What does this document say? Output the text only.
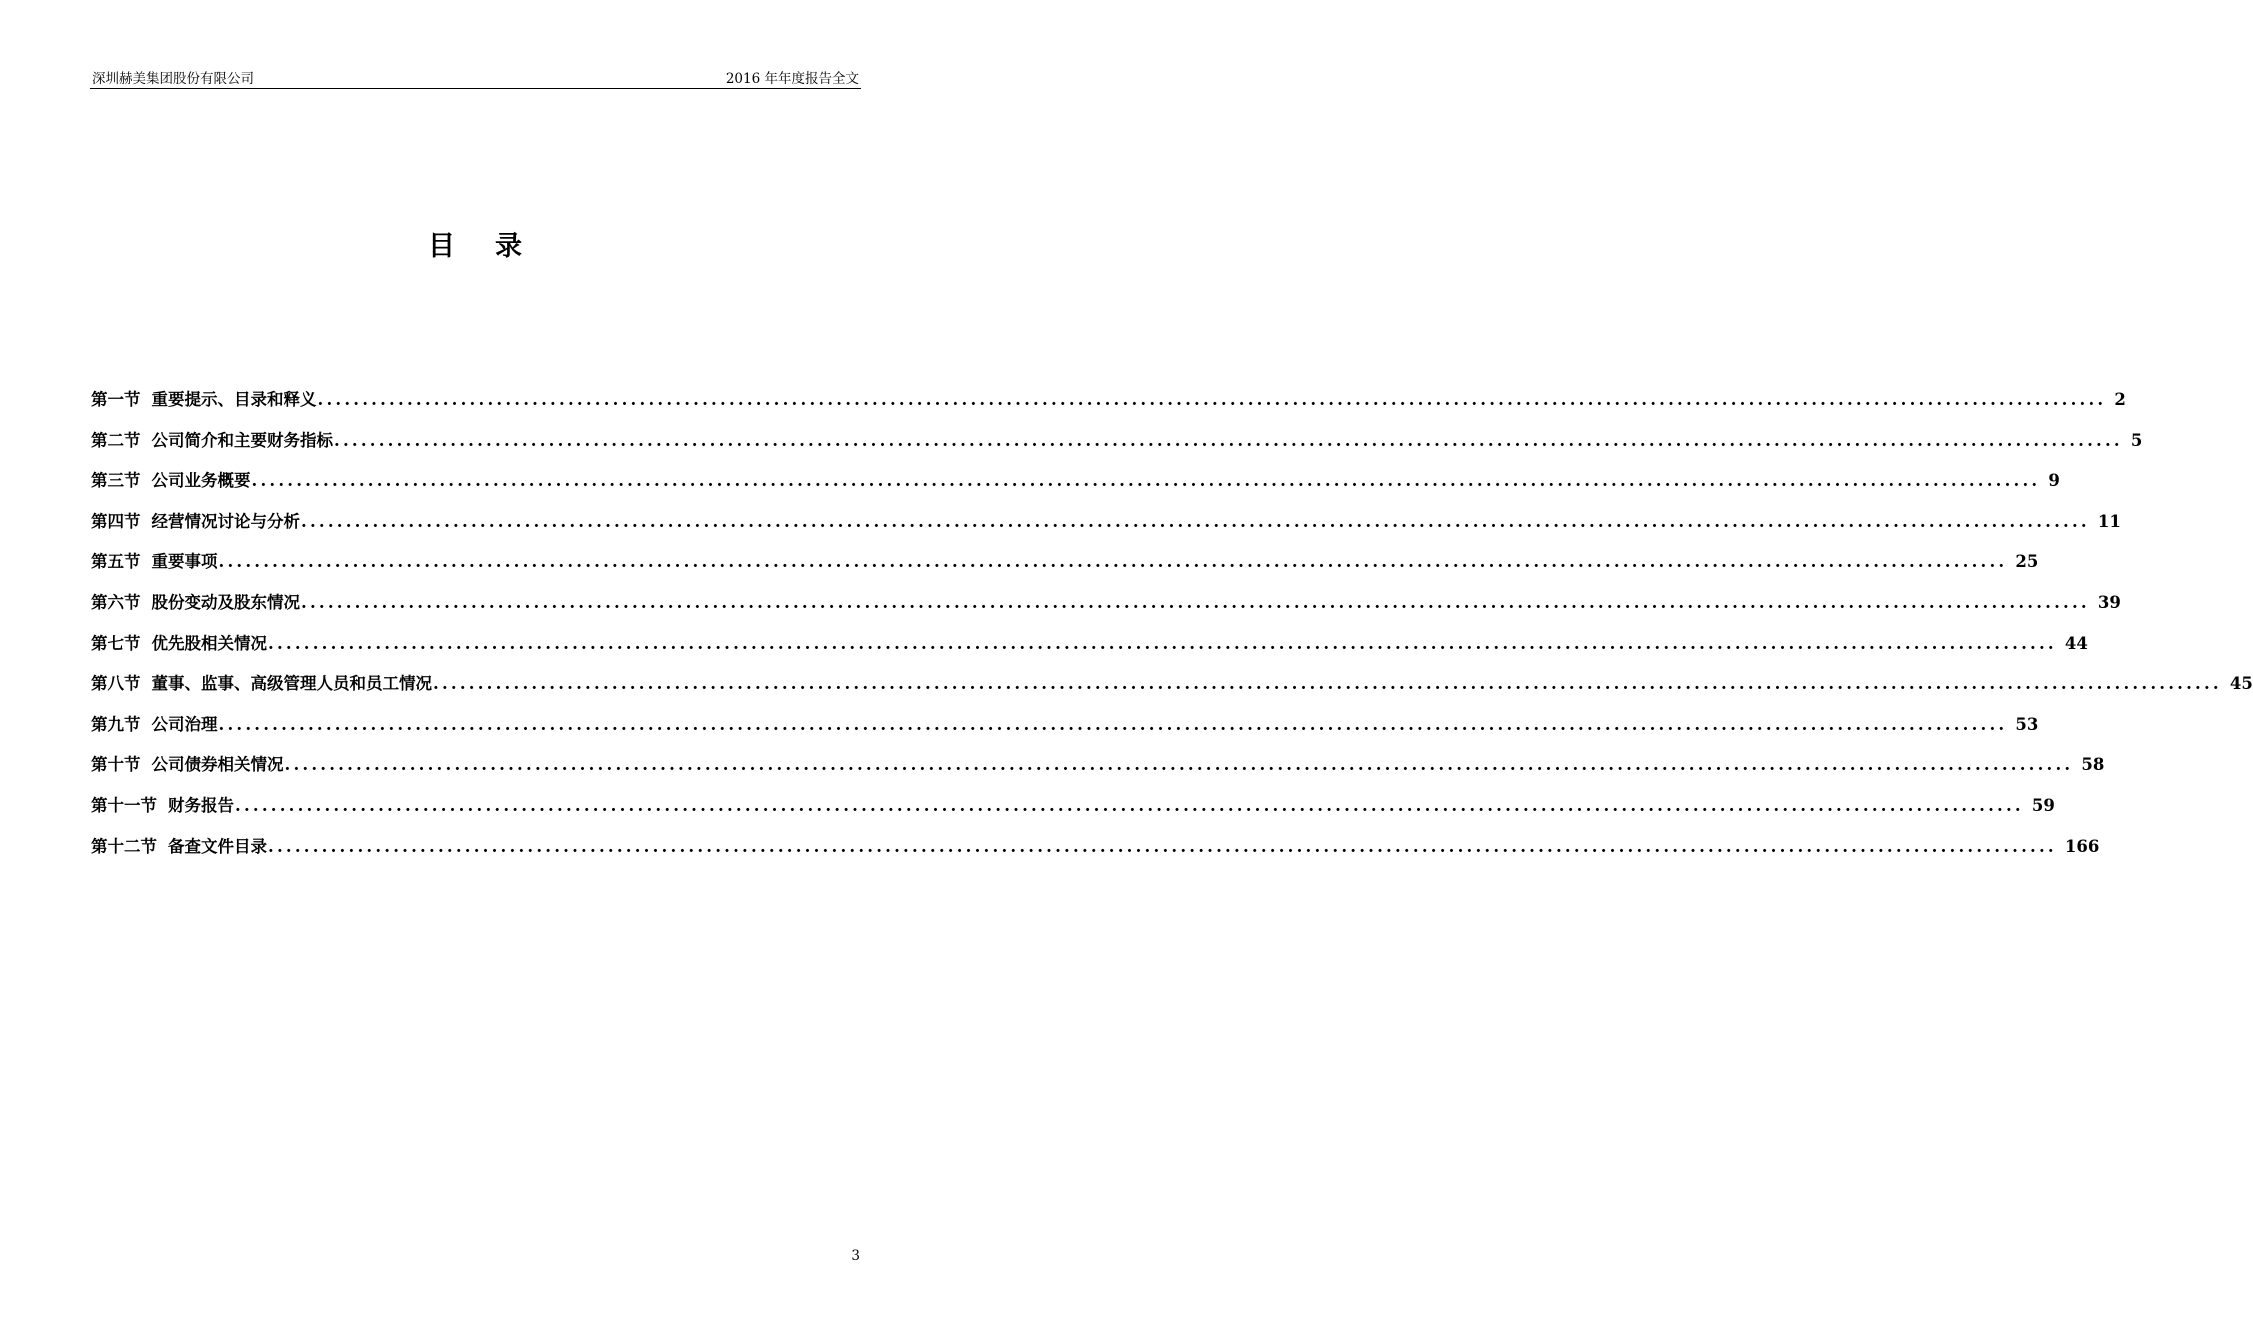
深圳赫美集团股份有限公司	2016 年年度报告全文
目录
第一节 重要提示、目录和释义 ........................................................................................................................................................................................................ 2
第二节 公司简介和主要财务指标 ........................................................................................................................................................................................................ 5
第三节 公司业务概要 ........................................................................................................................................................................................................ 9
第四节 经营情况讨论与分析 ........................................................................................................................................................................................................ 11
第五节 重要事项 ........................................................................................................................................................................................................ 25
第六节 股份变动及股东情况 ........................................................................................................................................................................................................ 39
第七节 优先股相关情况 ........................................................................................................................................................................................................ 44
第八节 董事、监事、高级管理人员和员工情况 ........................................................................................................................................................................................................ 45
第九节 公司治理 ........................................................................................................................................................................................................ 53
第十节 公司债券相关情况 ........................................................................................................................................................................................................ 58
第十一节 财务报告 ........................................................................................................................................................................................................ 59
第十二节 备查文件目录 ........................................................................................................................................................................................................ 166
3
